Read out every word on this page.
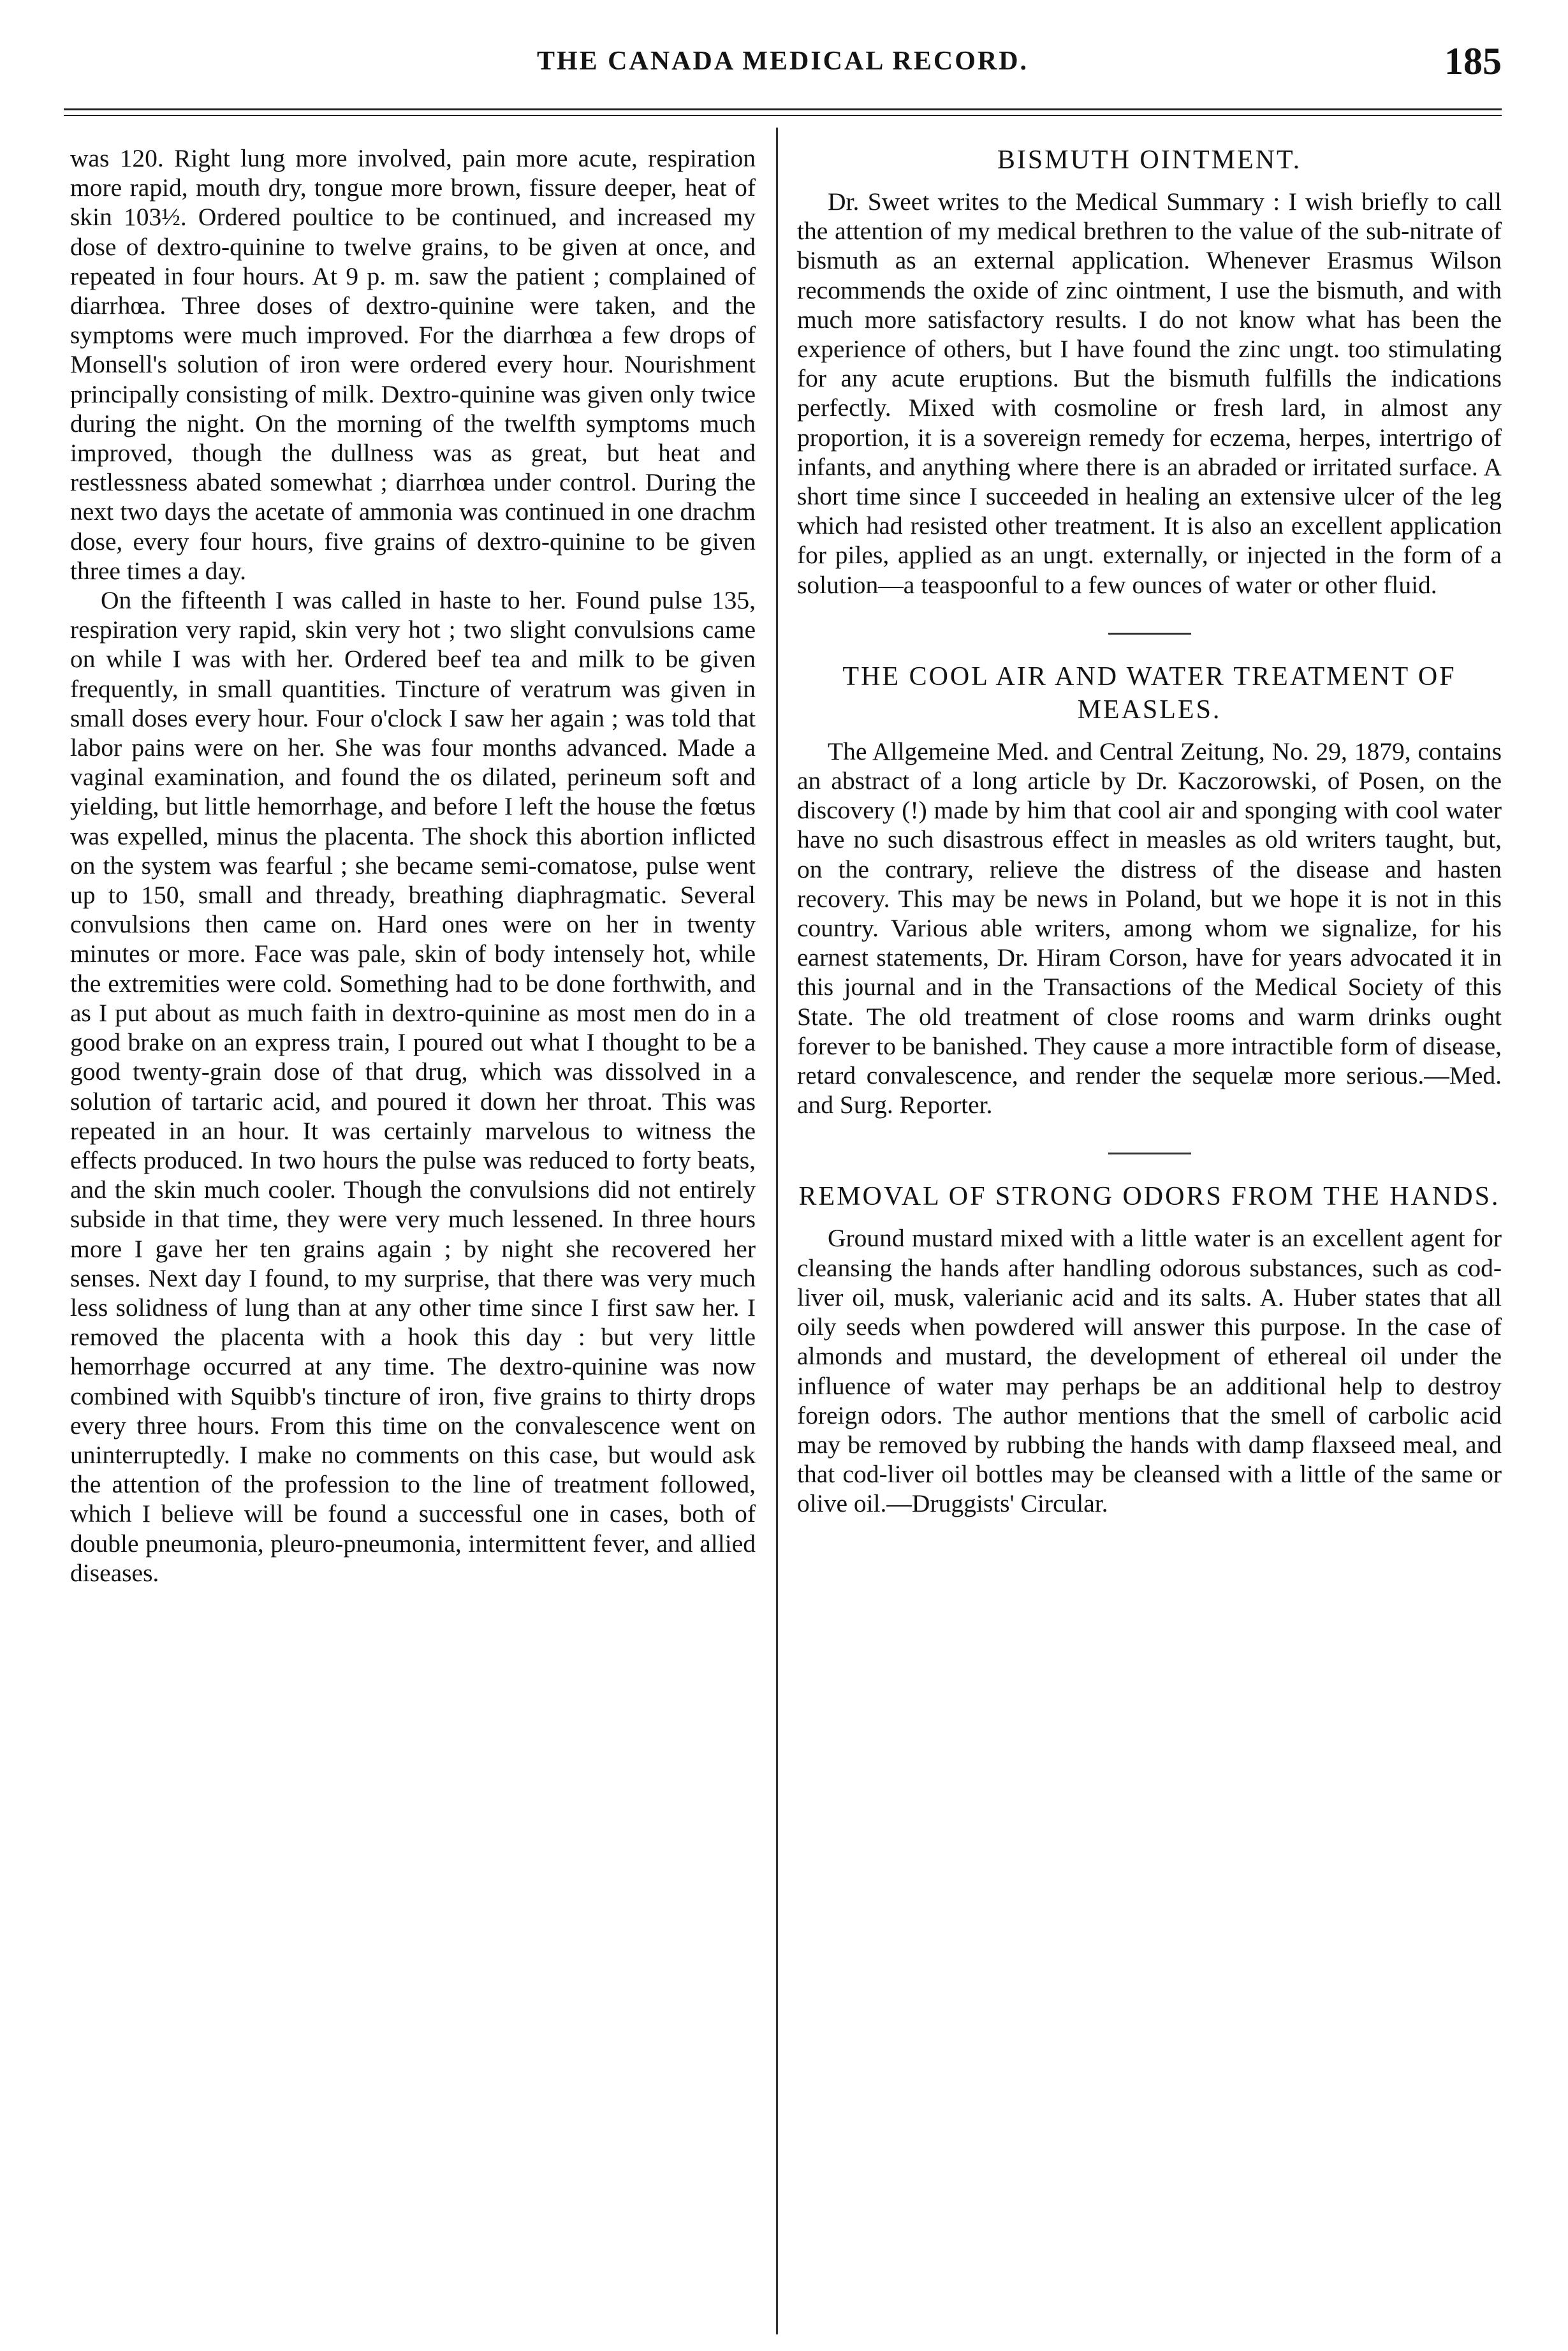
THE CANADA MEDICAL RECORD.	185

was 120. Right lung more involved, pain more acute, respiration more rapid, mouth dry, tongue more brown, fissure deeper, heat of skin 103½. Ordered poultice to be continued, and increased my dose of dextro-quinine to twelve grains, to be given at once, and repeated in four hours. At 9 p. m. saw the patient ; complained of diarrhœa. Three doses of dextro-quinine were taken, and the symptoms were much improved. For the diarrhœa a few drops of Monsell's solution of iron were ordered every hour. Nourishment principally consisting of milk. Dextro-quinine was given only twice during the night. On the morning of the twelfth symptoms much improved, though the dullness was as great, but heat and restlessness abated somewhat ; diarrhœa under control. During the next two days the acetate of ammonia was continued in one drachm dose, every four hours, five grains of dextro-quinine to be given three times a day.

On the fifteenth I was called in haste to her. Found pulse 135, respiration very rapid, skin very hot ; two slight convulsions came on while I was with her. Ordered beef tea and milk to be given frequently, in small quantities. Tincture of veratrum was given in small doses every hour. Four o'clock I saw her again ; was told that labor pains were on her. She was four months advanced. Made a vaginal examination, and found the os dilated, perineum soft and yielding, but little hemorrhage, and before I left the house the fœtus was expelled, minus the placenta. The shock this abortion inflicted on the system was fearful ; she became semi-comatose, pulse went up to 150, small and thready, breathing diaphragmatic. Several convulsions then came on. Hard ones were on her in twenty minutes or more. Face was pale, skin of body intensely hot, while the extremities were cold. Something had to be done forthwith, and as I put about as much faith in dextro-quinine as most men do in a good brake on an express train, I poured out what I thought to be a good twenty-grain dose of that drug, which was dissolved in a solution of tartaric acid, and poured it down her throat. This was repeated in an hour. It was certainly marvelous to witness the effects produced. In two hours the pulse was reduced to forty beats, and the skin much cooler. Though the convulsions did not entirely subside in that time, they were very much lessened. In three hours more I gave her ten grains again ; by night she recovered her senses. Next day I found, to my surprise, that there was very much less solidness of lung than at any other time since I first saw her. I removed the placenta with a hook this day : but very little hemorrhage occurred at any time. The dextro-quinine was now combined with Squibb's tincture of iron, five grains to thirty drops every three hours. From this time on the convalescence went on uninterruptedly. I make no comments on this case, but would ask the attention of the profession to the line of treatment followed, which I believe will be found a successful one in cases, both of double pneumonia, pleuro-pneumonia, intermittent fever, and allied diseases.

BISMUTH OINTMENT.

Dr. Sweet writes to the Medical Summary : I wish briefly to call the attention of my medical brethren to the value of the sub-nitrate of bismuth as an external application. Whenever Erasmus Wilson recommends the oxide of zinc ointment, I use the bismuth, and with much more satisfactory results. I do not know what has been the experience of others, but I have found the zinc ungt. too stimulating for any acute eruptions. But the bismuth fulfills the indications perfectly. Mixed with cosmoline or fresh lard, in almost any proportion, it is a sovereign remedy for eczema, herpes, intertrigo of infants, and anything where there is an abraded or irritated surface. A short time since I succeeded in healing an extensive ulcer of the leg which had resisted other treatment. It is also an excellent application for piles, applied as an ungt. externally, or injected in the form of a solution—a teaspoonful to a few ounces of water or other fluid.

THE COOL AIR AND WATER TREATMENT OF MEASLES.

The Allgemeine Med. and Central Zeitung, No. 29, 1879, contains an abstract of a long article by Dr. Kaczorowski, of Posen, on the discovery (!) made by him that cool air and sponging with cool water have no such disastrous effect in measles as old writers taught, but, on the contrary, relieve the distress of the disease and hasten recovery. This may be news in Poland, but we hope it is not in this country. Various able writers, among whom we signalize, for his earnest statements, Dr. Hiram Corson, have for years advocated it in this journal and in the Transactions of the Medical Society of this State. The old treatment of close rooms and warm drinks ought forever to be banished. They cause a more intractible form of disease, retard convalescence, and render the sequelæ more serious.—Med. and Surg. Reporter.

REMOVAL OF STRONG ODORS FROM THE HANDS.

Ground mustard mixed with a little water is an excellent agent for cleansing the hands after handling odorous substances, such as cod-liver oil, musk, valerianic acid and its salts. A. Huber states that all oily seeds when powdered will answer this purpose. In the case of almonds and mustard, the development of ethereal oil under the influence of water may perhaps be an additional help to destroy foreign odors. The author mentions that the smell of carbolic acid may be removed by rubbing the hands with damp flaxseed meal, and that cod-liver oil bottles may be cleansed with a little of the same or olive oil.—Druggists' Circular.
